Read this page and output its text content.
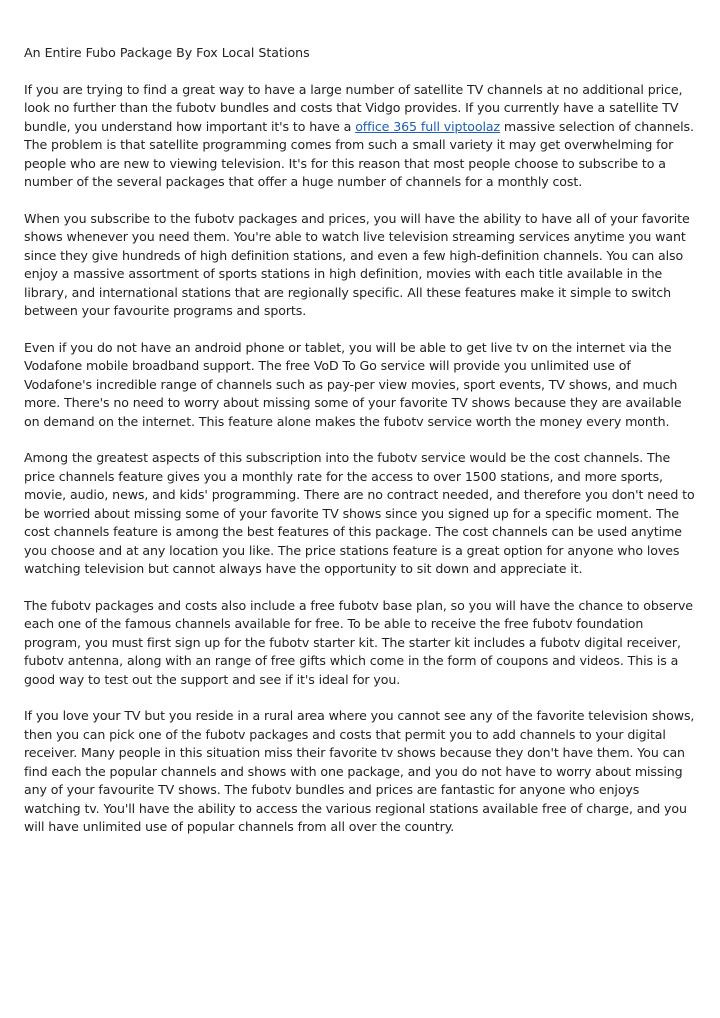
An Entire Fubo Package By Fox Local Stations

If you are trying to find a great way to have a large number of satellite TV channels at no additional price, look no further than the fubotv bundles and costs that Vidgo provides. If you currently have a satellite TV bundle, you understand how important it's to have a office 365 full viptoolaz massive selection of channels. The problem is that satellite programming comes from such a small variety it may get overwhelming for people who are new to viewing television. It's for this reason that most people choose to subscribe to a number of the several packages that offer a huge number of channels for a monthly cost.

When you subscribe to the fubotv packages and prices, you will have the ability to have all of your favorite shows whenever you need them. You're able to watch live television streaming services anytime you want since they give hundreds of high definition stations, and even a few high-definition channels. You can also enjoy a massive assortment of sports stations in high definition, movies with each title available in the library, and international stations that are regionally specific. All these features make it simple to switch between your favourite programs and sports.

Even if you do not have an android phone or tablet, you will be able to get live tv on the internet via the Vodafone mobile broadband support. The free VoD To Go service will provide you unlimited use of Vodafone's incredible range of channels such as pay-per view movies, sport events, TV shows, and much more. There's no need to worry about missing some of your favorite TV shows because they are available on demand on the internet. This feature alone makes the fubotv service worth the money every month.

Among the greatest aspects of this subscription into the fubotv service would be the cost channels. The price channels feature gives you a monthly rate for the access to over 1500 stations, and more sports, movie, audio, news, and kids' programming. There are no contract needed, and therefore you don't need to be worried about missing some of your favorite TV shows since you signed up for a specific moment. The cost channels feature is among the best features of this package. The cost channels can be used anytime you choose and at any location you like. The price stations feature is a great option for anyone who loves watching television but cannot always have the opportunity to sit down and appreciate it.

The fubotv packages and costs also include a free fubotv base plan, so you will have the chance to observe each one of the famous channels available for free. To be able to receive the free fubotv foundation program, you must first sign up for the fubotv starter kit. The starter kit includes a fubotv digital receiver, fubotv antenna, along with an range of free gifts which come in the form of coupons and videos. This is a good way to test out the support and see if it's ideal for you.

If you love your TV but you reside in a rural area where you cannot see any of the favorite television shows, then you can pick one of the fubotv packages and costs that permit you to add channels to your digital receiver. Many people in this situation miss their favorite tv shows because they don't have them. You can find each the popular channels and shows with one package, and you do not have to worry about missing any of your favourite TV shows. The fubotv bundles and prices are fantastic for anyone who enjoys watching tv. You'll have the ability to access the various regional stations available free of charge, and you will have unlimited use of popular channels from all over the country.
